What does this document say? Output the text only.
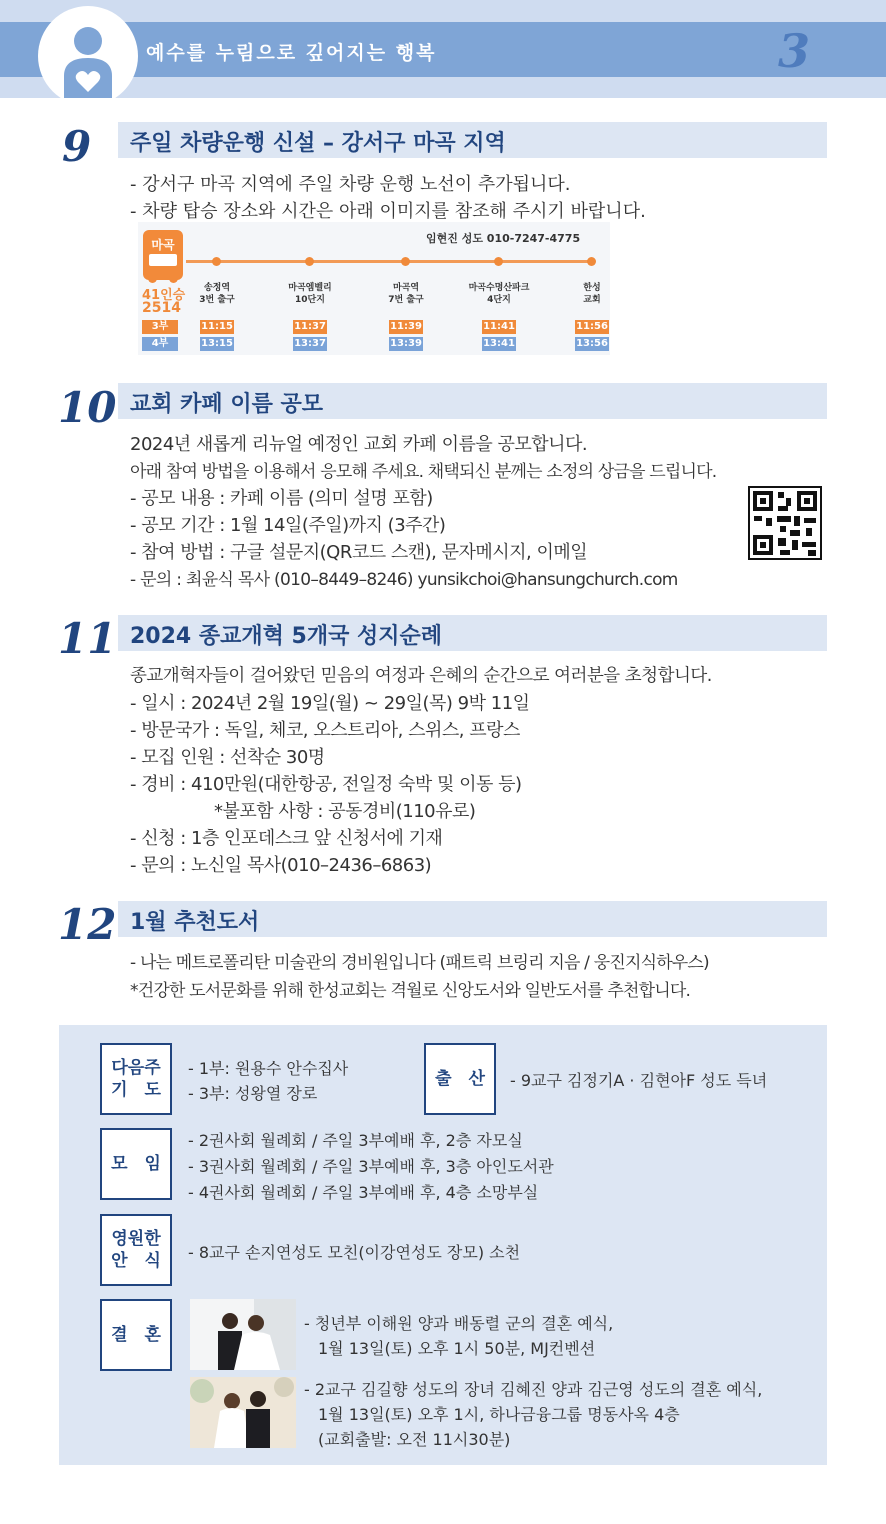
예수를 누림으로 깊어지는 행복	3
9 주일 차량운행 신설 – 강서구 마곡 지역
- 강서구 마곡 지역에 주일 차량 운행 노선이 추가됩니다.
- 차량 탑승 장소와 시간은 아래 이미지를 참조해 주시기 바랍니다.
마곡	임현진 성도 010-7247-4775
41인승
2514
3부
4부
송정역
3번 출구
마곡엠벨리
10단지
마곡역
7번 출구
마곡수명산파크
4단지
한성
교회
11:15
13:15
11:37
13:37
11:39
13:39
11:41
13:41
11:56
13:56
10 교회 카페 이름 공모
2024년 새롭게 리뉴얼 예정인 교회 카페 이름을 공모합니다.
아래 참여 방법을 이용해서 응모해 주세요. 채택되신 분께는 소정의 상금을 드립니다.
- 공모 내용 : 카페 이름 (의미 설명 포함)
- 공모 기간 : 1월 14일(주일)까지 (3주간)
- 참여 방법 : 구글 설문지(QR코드 스캔), 문자메시지, 이메일
- 문의 : 최윤식 목사 (010–8449–8246) yunsikchoi@hansungchurch.com
11 2024 종교개혁 5개국 성지순례
종교개혁자들이 걸어왔던 믿음의 여정과 은혜의 순간으로 여러분을 초청합니다.
- 일시 : 2024년 2월 19일(월) ~ 29일(목) 9박 11일
- 방문국가 : 독일, 체코, 오스트리아, 스위스, 프랑스
- 모집 인원 : 선착순 30명
- 경비 : 410만원(대한항공, 전일정 숙박 및 이동 등)
*불포함 사항 : 공동경비(110유로)
- 신청 : 1층 인포데스크 앞 신청서에 기재
- 문의 : 노신일 목사(010–2436–6863)
12 1월 추천도서
- 나는 메트로폴리탄 미술관의 경비원입니다 (패트릭 브링리 지음 / 웅진지식하우스)
*건강한 도서문화를 위해 한성교회는 격월로 신앙도서와 일반도서를 추천합니다.
다음주
기　도
- 1부: 원용수 안수집사
- 3부: 성왕열 장로
출　산 - 9교구 김정기A · 김현아F 성도 득녀
모　임
- 2권사회 월례회 / 주일 3부예배 후, 2층 자모실
- 3권사회 월례회 / 주일 3부예배 후, 3층 아인도서관
- 4권사회 월례회 / 주일 3부예배 후, 4층 소망부실
영원한
안　식 - 8교구 손지연성도 모친(이강연성도 장모) 소천
결　혼
- 청년부 이해원 양과 배동렬 군의 결혼 예식,
1월 13일(토) 오후 1시 50분, MJ컨벤션
- 2교구 김길향 성도의 장녀 김혜진 양과 김근영 성도의 결혼 예식,
1월 13일(토) 오후 1시, 하나금융그룹 명동사옥 4층
(교회출발: 오전 11시30분)
